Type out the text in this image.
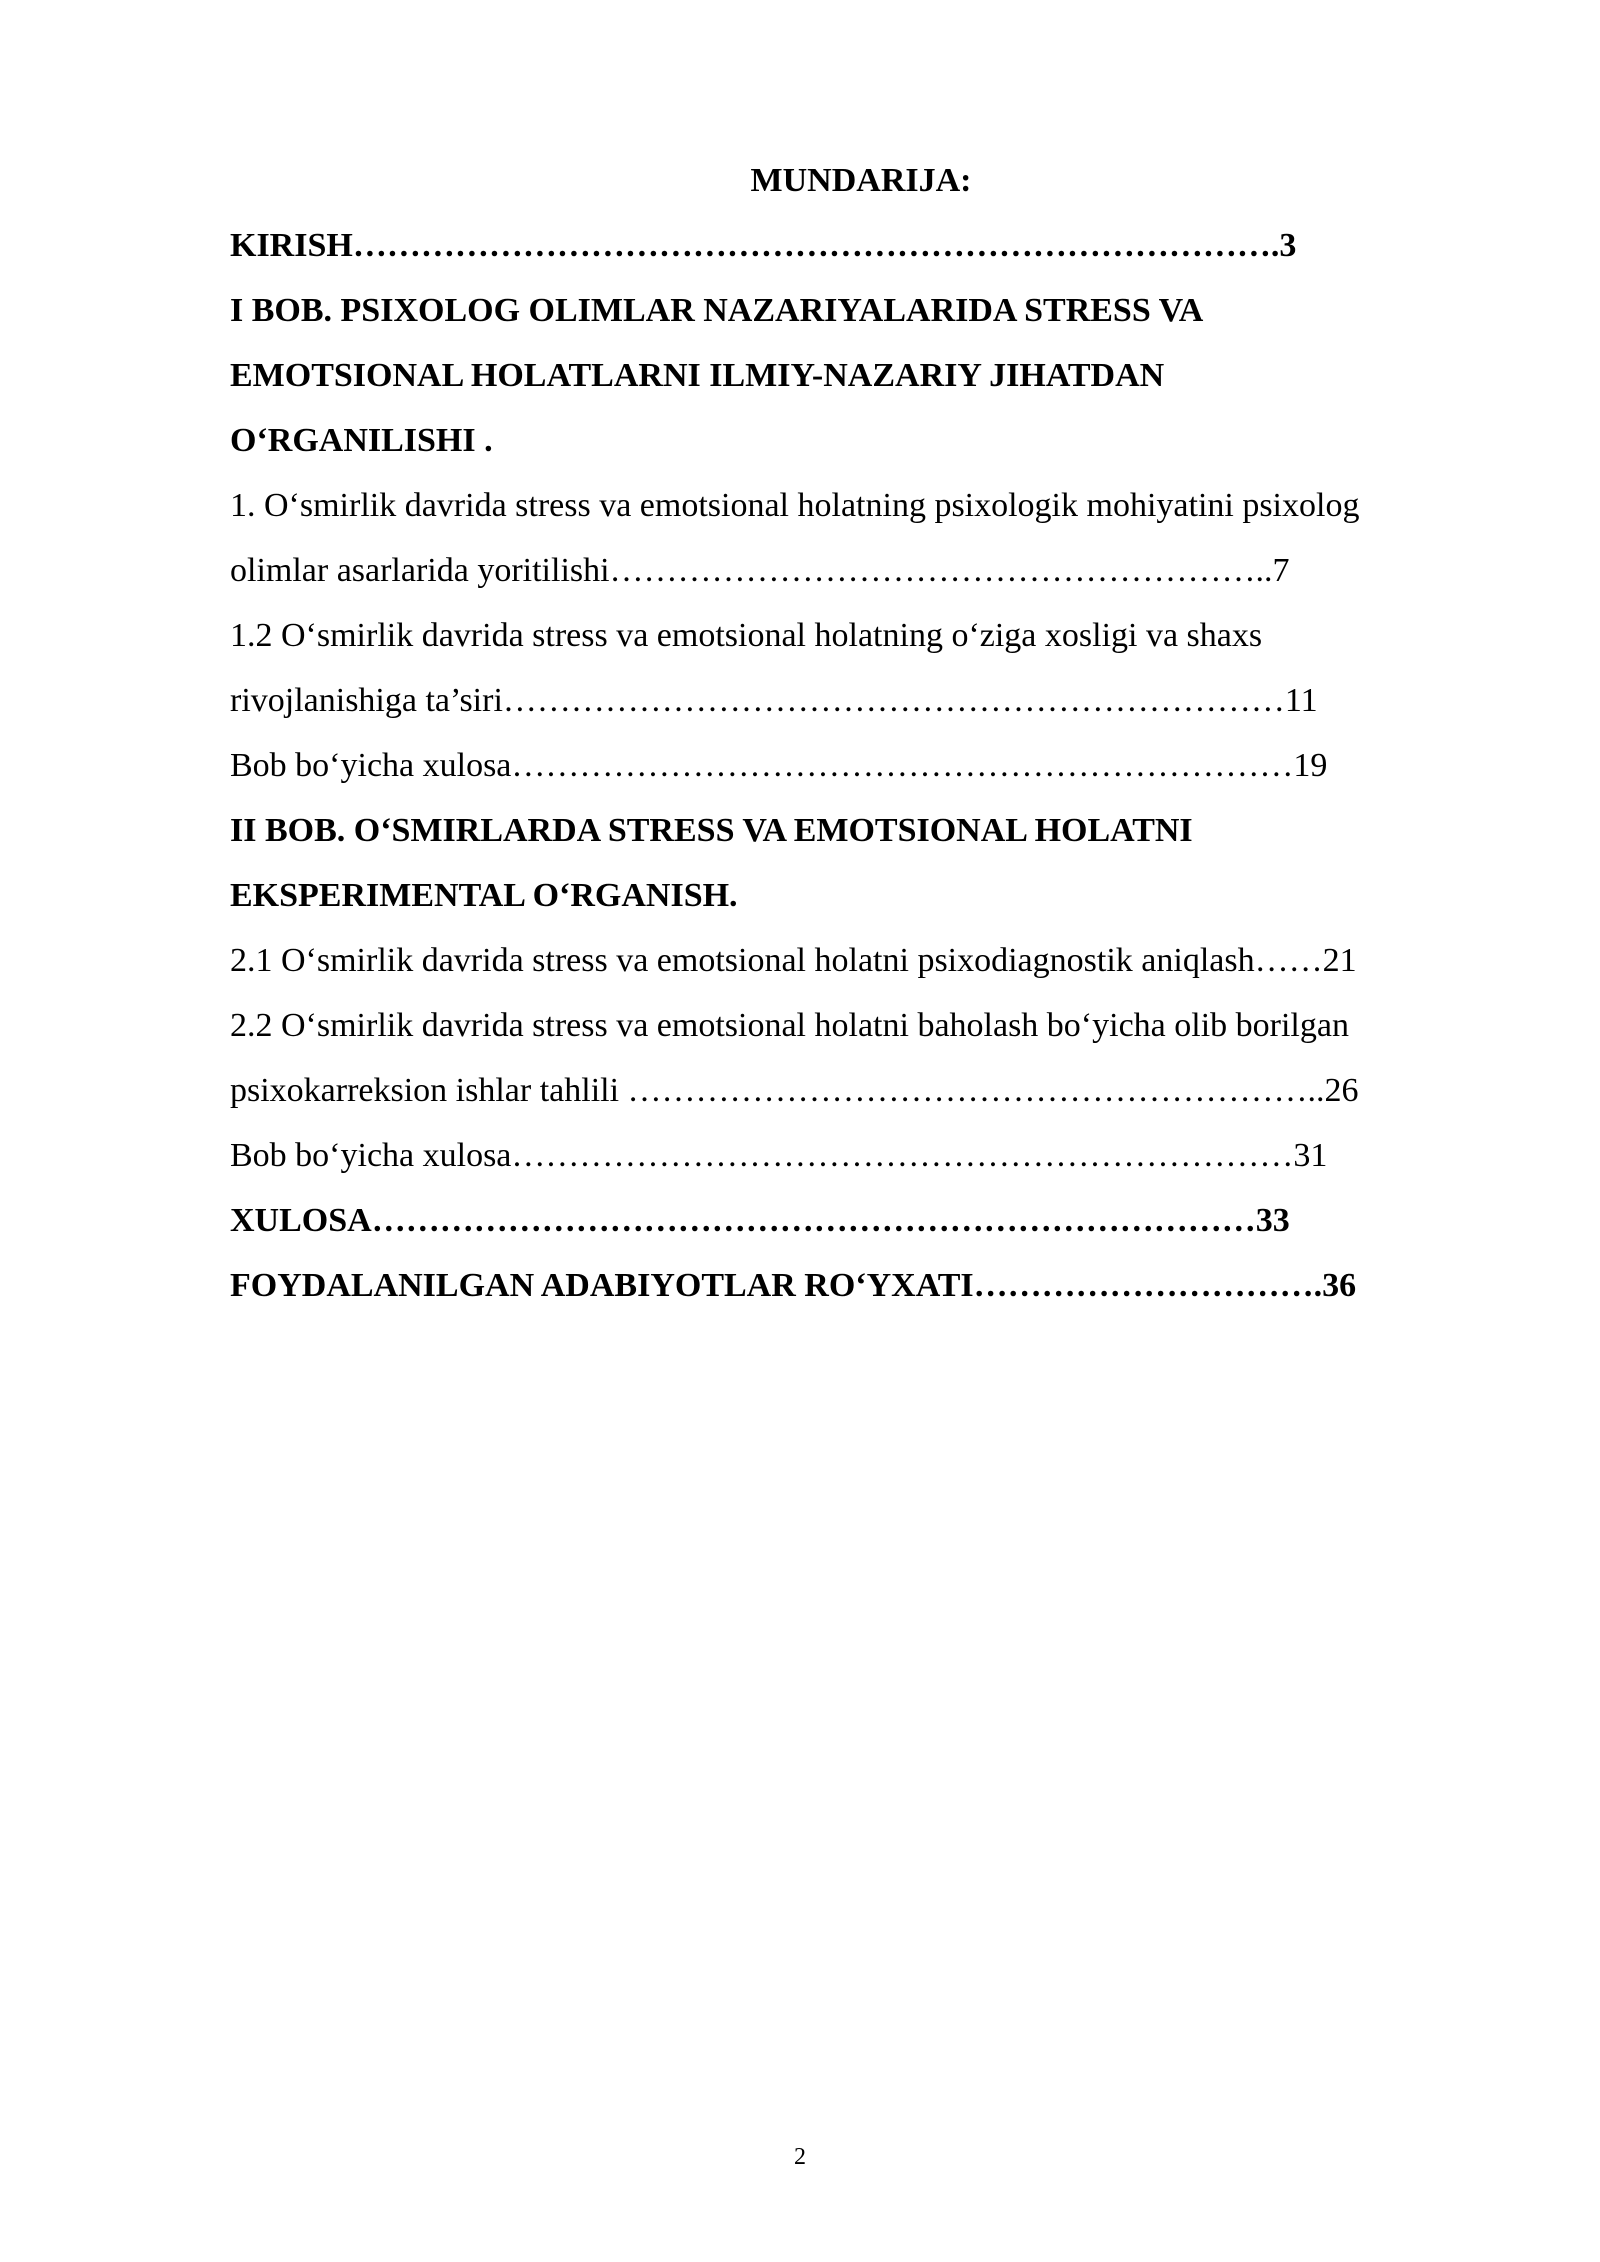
MUNDARIJA:
KIRISH……………………………………………………………………….3
I BOB. PSIXOLOG OLIMLAR NAZARIYALARIDA STRESS VA
EMOTSIONAL HOLATLARNI ILMIY-NAZARIY JIHATDAN
O‘RGANILISHI .
1. O‘smirlik davrida stress va emotsional holatning psixologik mohiyatini psixolog
olimlar asarlarida yoritilishi…………………………………………………..7
1.2 O‘smirlik davrida stress va emotsional holatning o‘ziga xosligi va shaxs
rivojlanishiga ta’siri……………………………………………………………11
Bob bo‘yicha xulosa……………………………………………………………19
II BOB. O‘SMIRLARDA STRESS VA EMOTSIONAL HOLATNI
EKSPERIMENTAL O‘RGANISH.
2.1 O‘smirlik davrida stress va emotsional holatni psixodiagnostik aniqlash……21
2.2 O‘smirlik davrida stress va emotsional holatni baholash bo‘yicha olib borilgan
psixokarreksion ishlar tahlili ……………………………………………………..26
Bob bo‘yicha xulosa……………………………………………………………31
XULOSA……………………………………………………………………33
FOYDALANILGAN ADABIYOTLAR RO‘YXATI………………………….36
2
